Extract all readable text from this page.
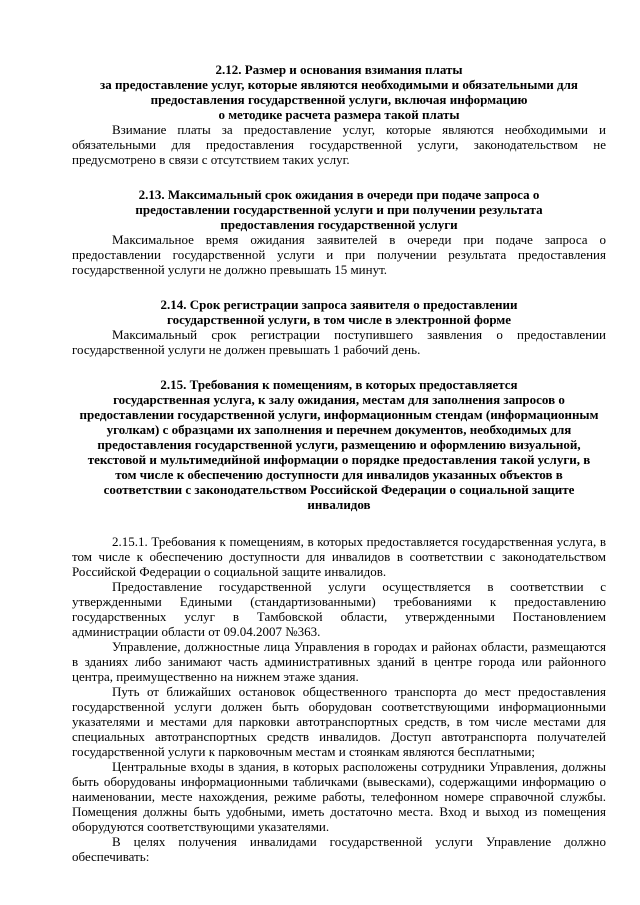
2.12. Размер и основания взимания платы

за предоставление услуг, которые являются необходимыми и обязательными для

предоставления государственной услуги, включая информацию

о методике расчета размера такой платы

Взимание платы за предоставление услуг, которые являются необходимыми и обязательными для предоставления государственной услуги, законодательством не предусмотрено в связи с отсутствием таких услуг.

2.13. Максимальный срок ожидания в очереди при подаче запроса о

предоставлении государственной услуги и при получении результата

предоставления государственной услуги

Максимальное время ожидания заявителей в очереди при подаче запроса о предоставлении государственной услуги и при получении результата предоставления государственной услуги не должно превышать 15 минут.

2.14. Срок регистрации запроса заявителя о предоставлении

государственной услуги, в том числе в электронной форме

Максимальный срок регистрации поступившего заявления о предоставлении государственной услуги не должен превышать 1 рабочий день.

2.15. Требования к помещениям, в которых предоставляется

государственная услуга, к залу ожидания, местам для заполнения запросов о

предоставлении государственной услуги, информационным стендам (информационным

уголкам) с образцами их заполнения и перечнем документов, необходимых для

предоставления государственной услуги, размещению и оформлению визуальной,

текстовой и мультимедийной информации о порядке предоставления такой услуги, в

том числе к обеспечению доступности для инвалидов указанных объектов в

соответствии с законодательством Российской Федерации о социальной защите

инвалидов

2.15.1. Требования к помещениям, в которых предоставляется государственная услуга, в том числе к обеспечению доступности для инвалидов в соответствии с законодательством Российской Федерации о социальной защите инвалидов.

Предоставление государственной услуги осуществляется в соответствии с утвержденными Едиными (стандартизованными) требованиями к предоставлению государственных услуг в Тамбовской области, утвержденными Постановлением администрации области от 09.04.2007 №363.

Управление, должностные лица Управления в городах и районах области, размещаются в зданиях либо занимают часть административных зданий в центре города или районного центра, преимущественно на нижнем этаже здания.

Путь от ближайших остановок общественного транспорта до мест предоставления государственной услуги должен быть оборудован соответствующими информационными указателями и местами для парковки автотранспортных средств, в том числе местами для специальных автотранспортных средств инвалидов. Доступ автотранспорта получателей государственной услуги к парковочным местам и стоянкам являются бесплатными;

Центральные входы в здания, в которых расположены сотрудники Управления, должны быть оборудованы информационными табличками (вывесками), содержащими информацию о наименовании, месте нахождения, режиме работы, телефонном номере справочной службы. Помещения должны быть удобными, иметь достаточно места. Вход и выход из помещения оборудуются соответствующими указателями.

В целях получения инвалидами государственной услуги Управление должно обеспечивать:
